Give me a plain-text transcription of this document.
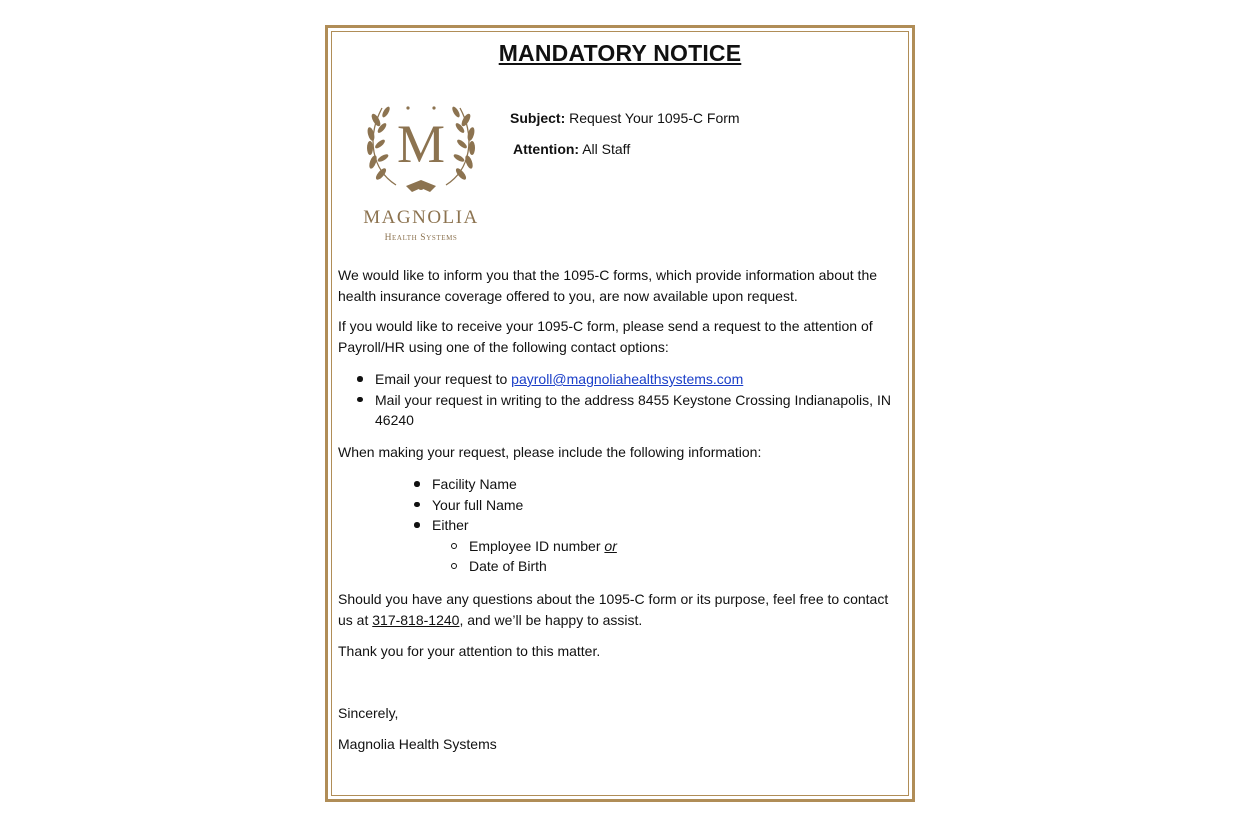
MANDATORY NOTICE
M
MAGNOLIA
Health Systems
Subject: Request Your 1095-C Form
Attention: All Staff

We would like to inform you that the 1095-C forms, which provide information about the health insurance coverage offered to you, are now available upon request.

If you would like to receive your 1095-C form, please send a request to the attention of Payroll/HR using one of the following contact options:

Email your request to payroll@magnoliahealthsystems.com
Mail your request in writing to the address 8455 Keystone Crossing Indianapolis, IN 46240

When making your request, please include the following information:

Facility Name
Your full Name
Either
Employee ID number or
Date of Birth

Should you have any questions about the 1095-C form or its purpose, feel free to contact us at 317-818-1240, and we’ll be happy to assist.

Thank you for your attention to this matter.

Sincerely,

Magnolia Health Systems
